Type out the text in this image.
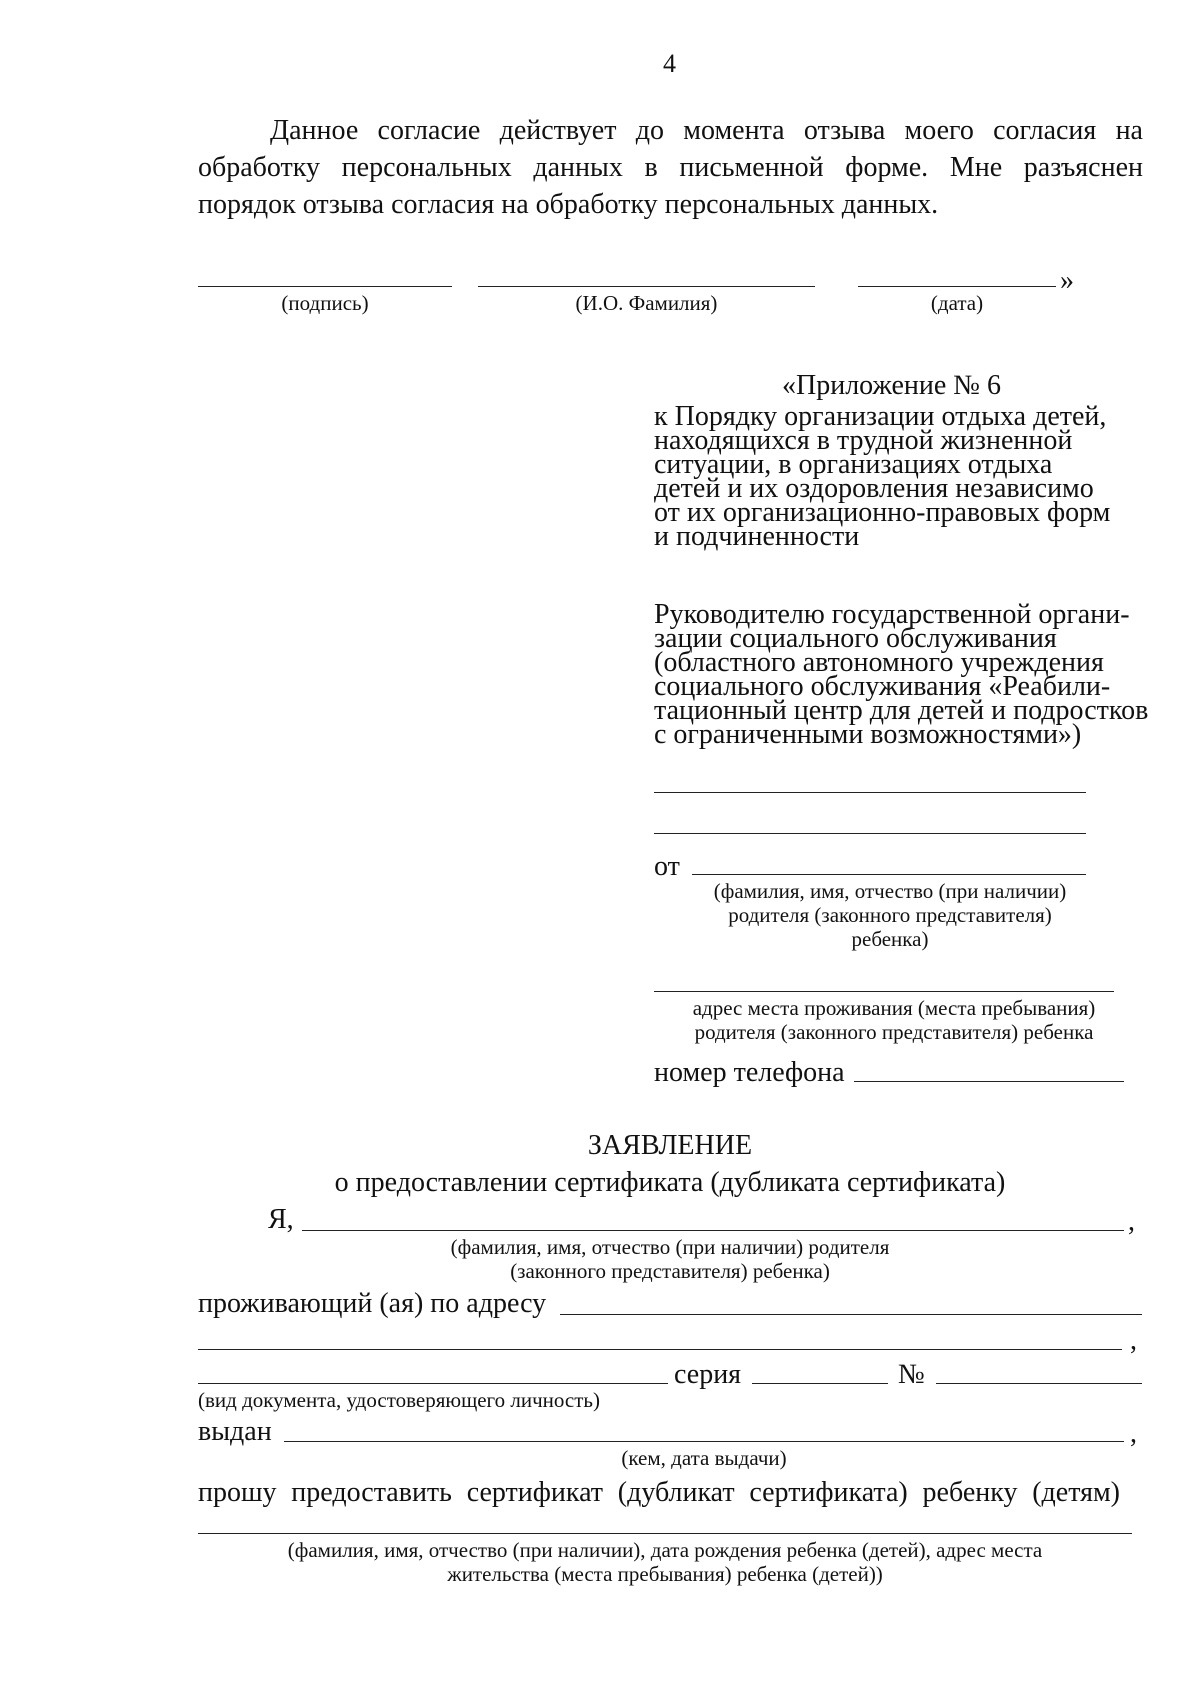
4
Данное согласие действует до момента отзыва моего согласия на
обработку персональных данных в письменной форме. Мне разъяснен
порядок отзыва согласия на обработку персональных данных.
»
(подпись)	(И.О. Фамилия)	(дата)
«Приложение № 6
к Порядку организации отдыха детей,
находящихся в трудной жизненной
ситуации, в организациях отдыха
детей и их оздоровления независимо
от их организационно-правовых форм
и подчиненности
Руководителю государственной органи-
зации социального обслуживания
(областного автономного учреждения
социального обслуживания «Реабили-
тационный центр для детей и подростков
с ограниченными возможностями»)
от
(фамилия, имя, отчество (при наличии)
родителя (законного представителя)
ребенка)
адрес места проживания (места пребывания)
родителя (законного представителя) ребенка
номер телефона
ЗАЯВЛЕНИЕ
о предоставлении сертификата (дубликата сертификата)
Я,	,
(фамилия, имя, отчество (при наличии) родителя
(законного представителя) ребенка)
проживающий (ая) по адресу
,
серия	№
(вид документа, удостоверяющего личность)
выдан	,
(кем, дата выдачи)
прошу предоставить сертификат (дубликат сертификата) ребенку (детям)
(фамилия, имя, отчество (при наличии), дата рождения ребенка (детей), адрес места
жительства (места пребывания) ребенка (детей))
